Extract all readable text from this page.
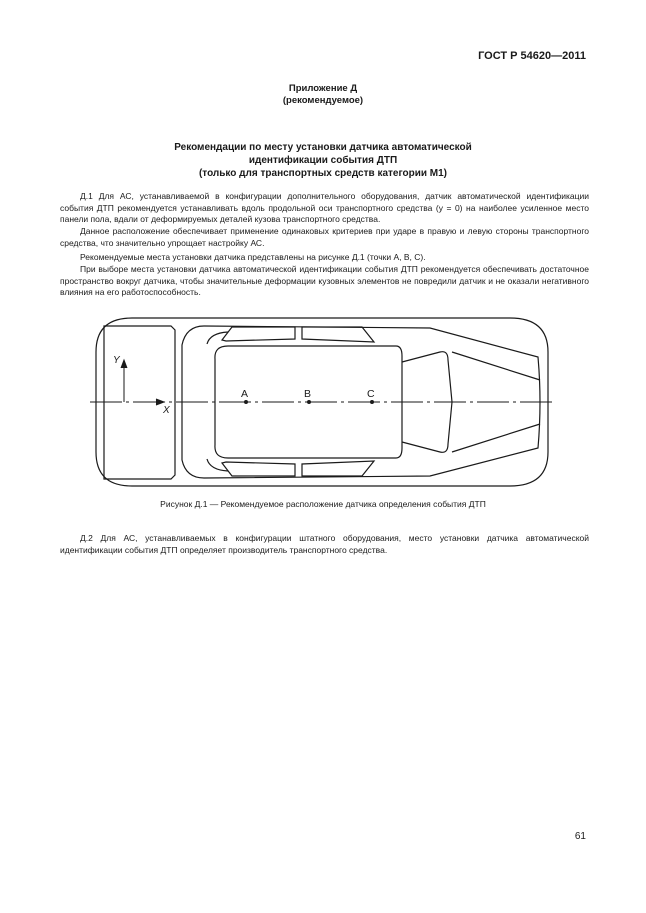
ГОСТ Р 54620—2011
Приложение Д
(рекомендуемое)
Рекомендации по месту установки датчика автоматической
идентификации события ДТП
(только для транспортных средств категории М1)

Д.1 Для АС, устанавливаемой в конфигурации дополнительного оборудования, датчик автоматической идентификации события ДТП рекомендуется устанавливать вдоль продольной оси транспортного средства (y = 0) на наиболее усиленное место панели пола, вдали от деформируемых деталей кузова транспортного средства.

Данное расположение обеспечивает применение одинаковых критериев при ударе в правую и левую стороны транспортного средства, что значительно упрощает настройку АС.

Рекомендуемые места установки датчика представлены на рисунке Д.1 (точки А, В, С).

При выборе места установки датчика автоматической идентификации события ДТП рекомендуется обеспечивать достаточное пространство вокруг датчика, чтобы значительные деформации кузовных элементов не повредили датчик и не оказали негативного влияния на его работоспособность.

Y
X
A	B	C
Рисунок Д.1 — Рекомендуемое расположение датчика определения события ДТП

Д.2 Для АС, устанавливаемых в конфигурации штатного оборудования, место установки датчика автоматической идентификации события ДТП определяет производитель транспортного средства.

61
